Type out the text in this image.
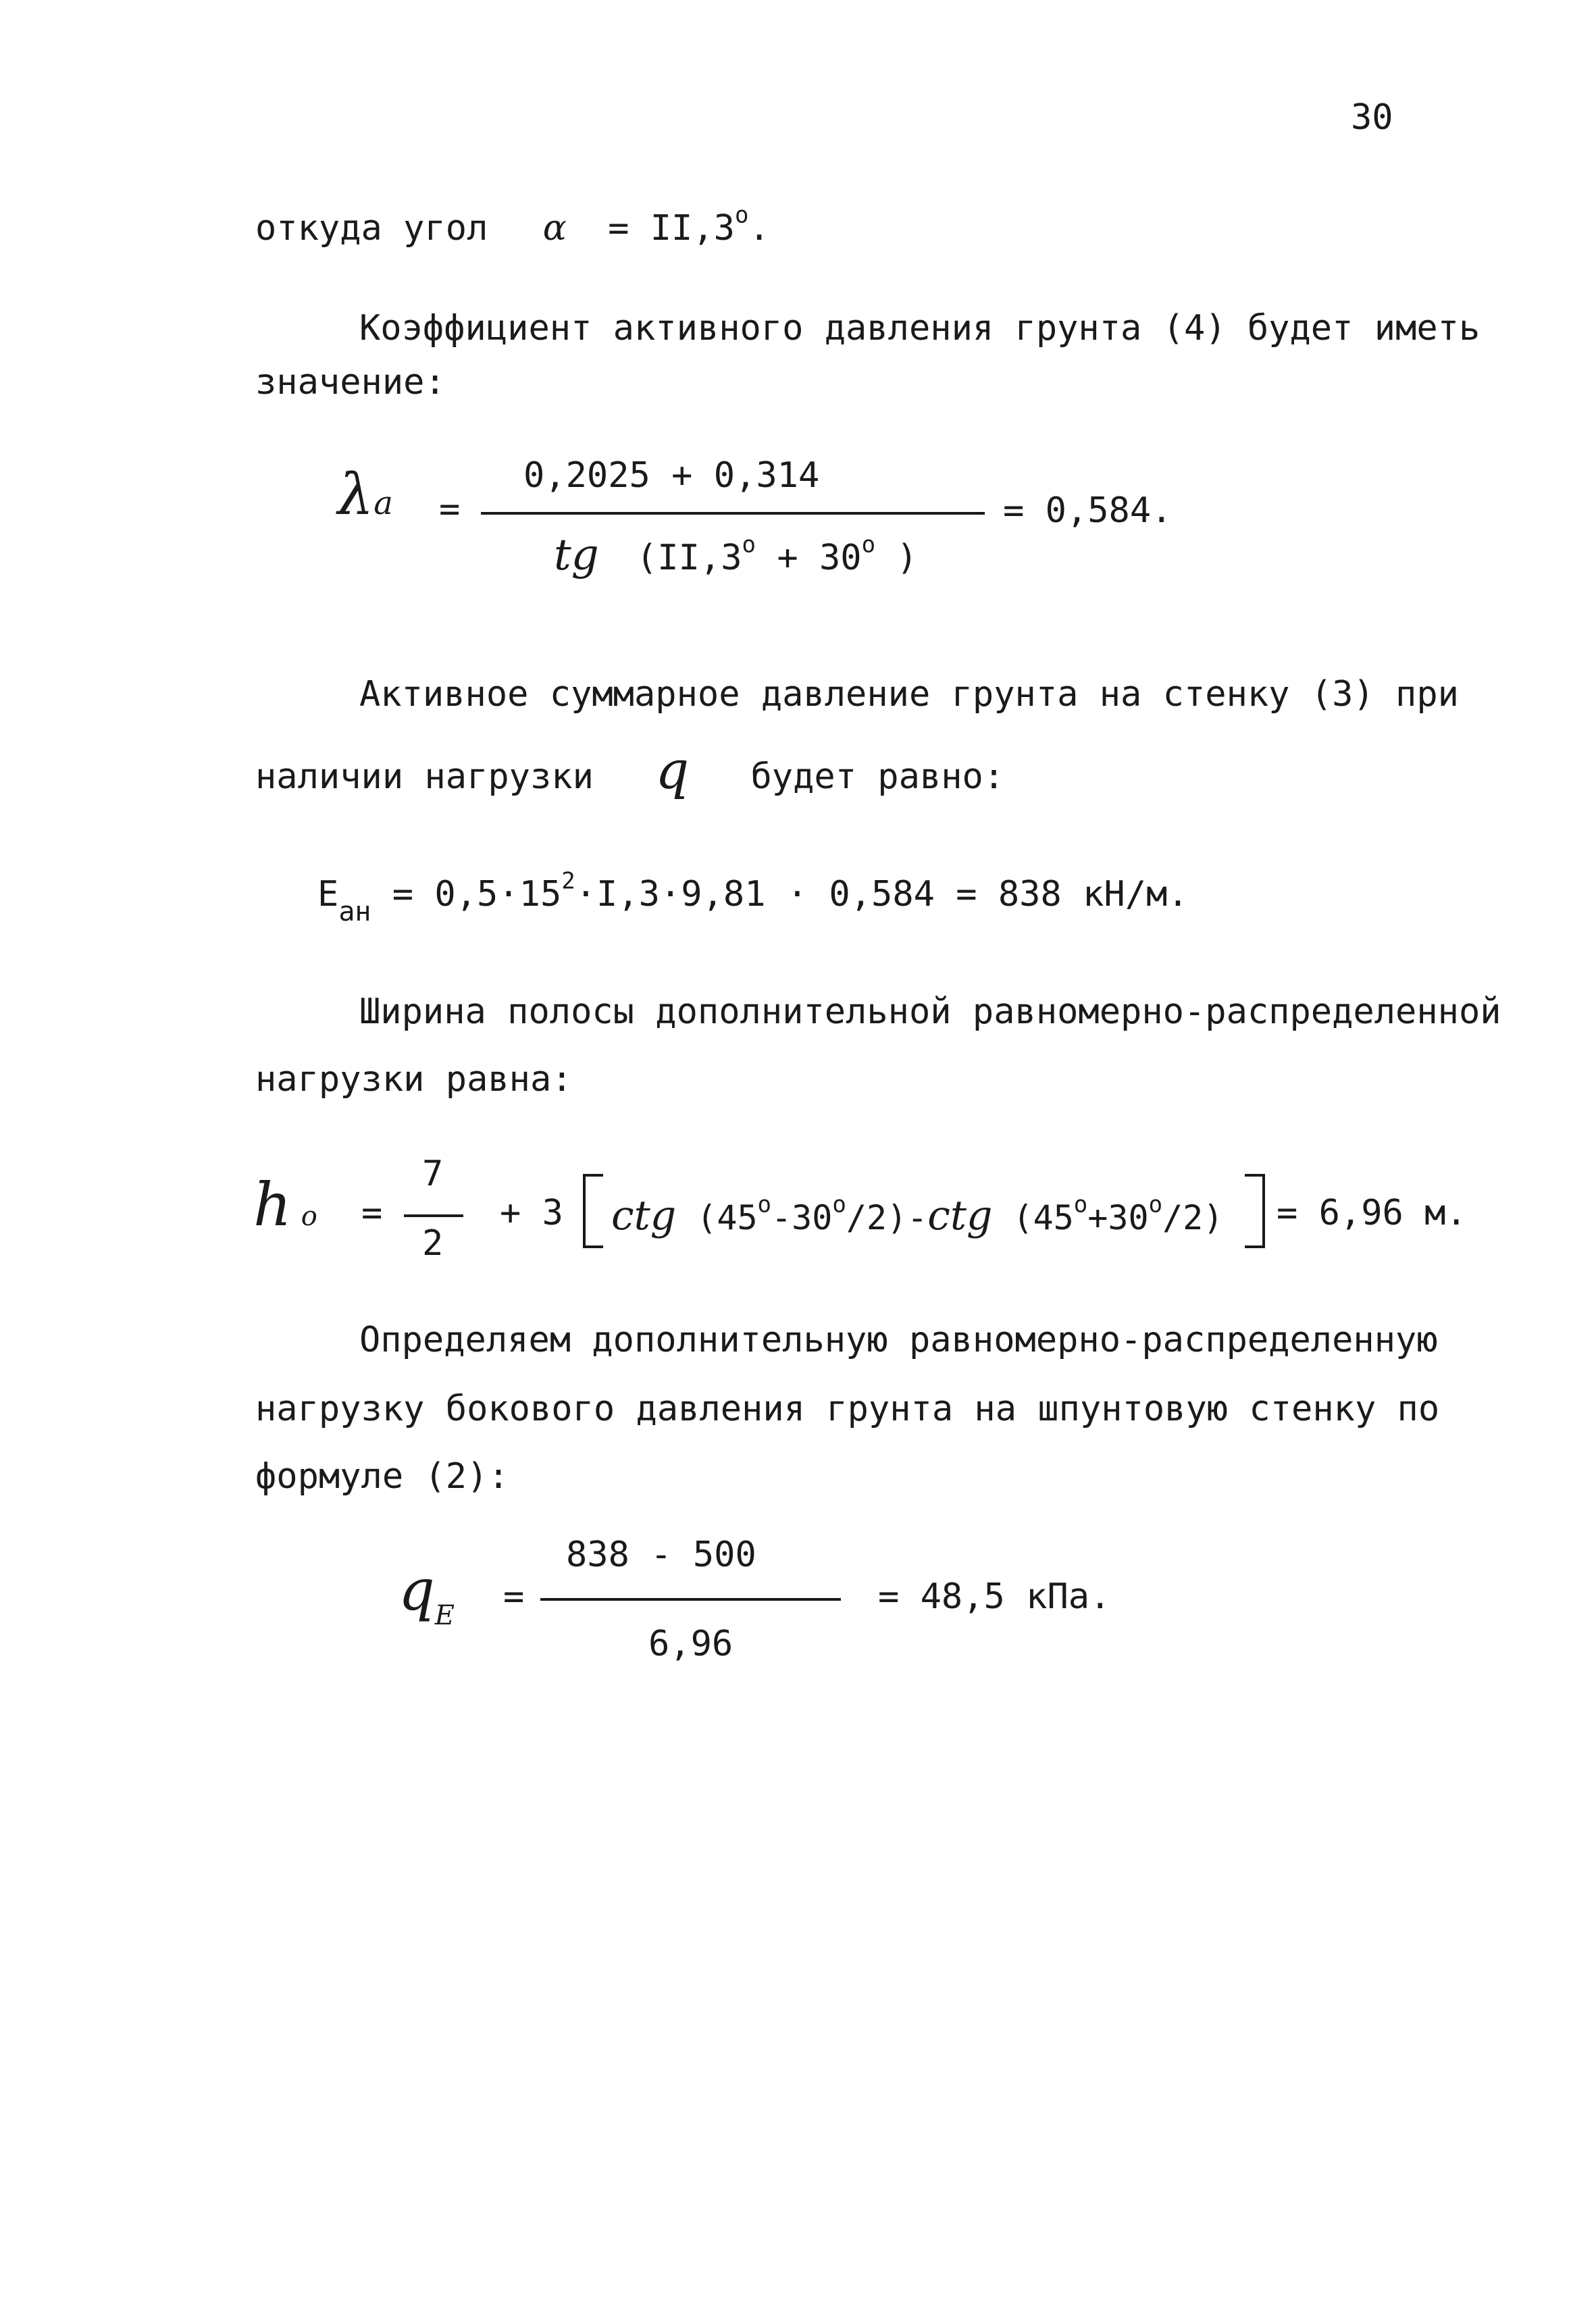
30
откуда угол $\alpha = II,3^o$.
Коэффициент активного давления грунта (4) будет иметь
значение:
λa =
0,2025 + 0,314
tg ($II,3^o + 30^o$ )
= 0,584.
Активное суммарное давление грунта на стенку (3) при
наличии нагрузки q будет равно:
$E_{ан} = 0,5\cdot 15^2\cdot I,3\cdot 9,81 \cdot 0,584 = 838$ кН/м.
Ширина полосы дополнительной равномерно-распределенной
нагрузки равна:
ho =
7
2
+ 3 ctg (45$^o$-30$^o$/2)-ctg $(45^o+30^o/2) = 6,96$ м.
Определяем дополнительную равномерно-распределенную
нагрузку бокового давления грунта на шпунтовую стенку по
формуле (2):
$q_E$ =
838 - 500
6,96
= 48,5 кПа.
